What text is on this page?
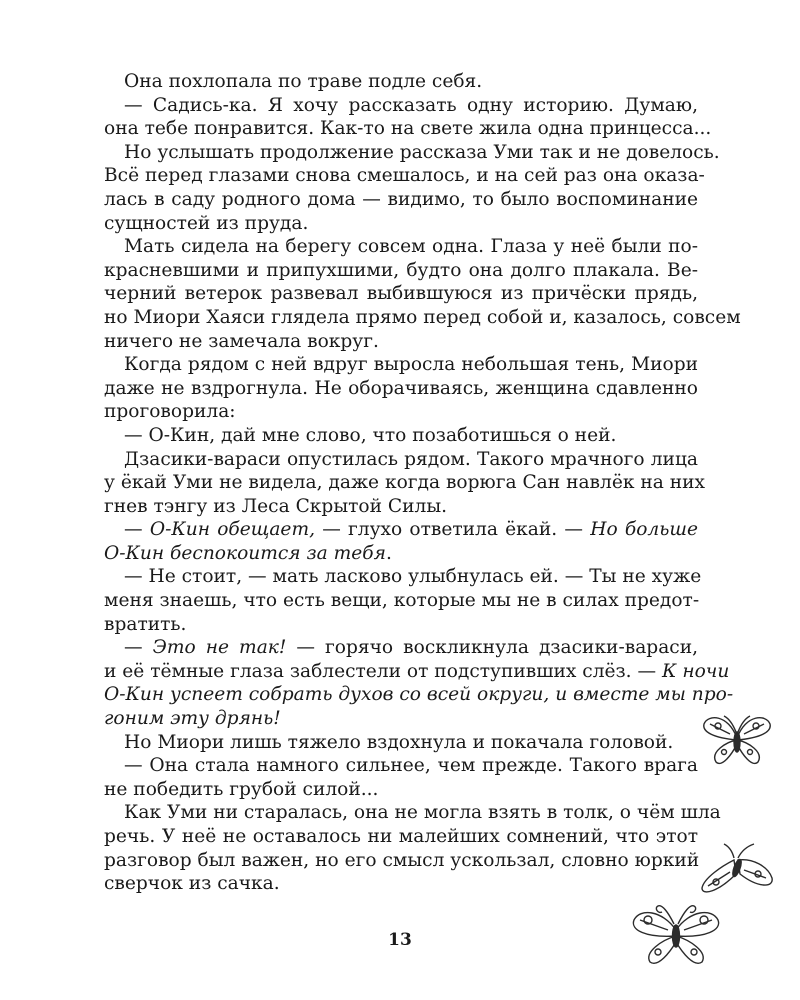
Она похлопала по траве подле себя.
— Садись-ка. Я хочу рассказать одну историю. Думаю,
она тебе понравится. Как-то на свете жила одна принцесса...
Но услышать продолжение рассказа Уми так и не довелось.
Всё перед глазами снова смешалось, и на сей раз она оказа-
лась в саду родного дома — видимо, то было воспоминание
сущностей из пруда.
Мать сидела на берегу совсем одна. Глаза у неё были по-
красневшими и припухшими, будто она долго плакала. Ве-
черний ветерок развевал выбившуюся из причёски прядь,
но Миори Хаяси глядела прямо перед собой и, казалось, совсем
ничего не замечала вокруг.
Когда рядом с ней вдруг выросла небольшая тень, Миори
даже не вздрогнула. Не оборачиваясь, женщина сдавленно
проговорила:
— О-Кин, дай мне слово, что позаботишься о ней.
Дзасики-вараси опустилась рядом. Такого мрачного лица
у ёкай Уми не видела, даже когда ворюга Сан навлёк на них
гнев тэнгу из Леса Скрытой Силы.
— О-Кин обещает, — глухо ответила ёкай. — Но больше
О-Кин беспокоится за тебя.
— Не стоит, — мать ласково улыбнулась ей. — Ты не хуже
меня знаешь, что есть вещи, которые мы не в силах предот-
вратить.
— Это не так! — горячо воскликнула дзасики-вараси,
и её тёмные глаза заблестели от подступивших слёз. — К ночи
О-Кин успеет собрать духов со всей округи, и вместе мы про-
гоним эту дрянь!
Но Миори лишь тяжело вздохнула и покачала головой.
— Она стала намного сильнее, чем прежде. Такого врага
не победить грубой силой...
Как Уми ни старалась, она не могла взять в толк, о чём шла
речь. У неё не оставалось ни малейших сомнений, что этот
разговор был важен, но его смысл ускользал, словно юркий
сверчок из сачка.
13
